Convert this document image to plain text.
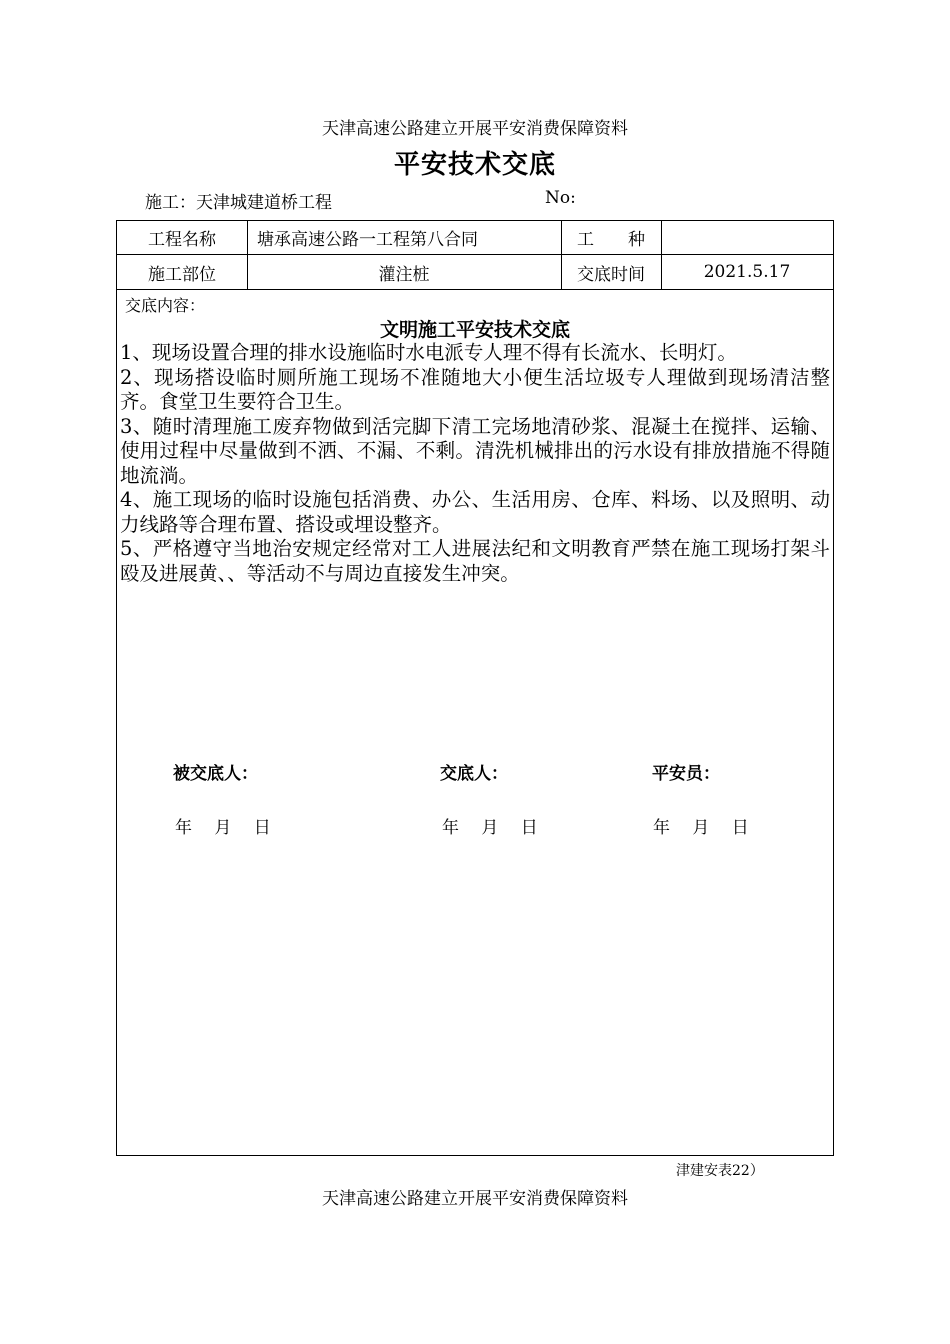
天津高速公路建立开展平安消费保障资料
平安技术交底
施工：天津城建道桥工程	No:
工程名称	塘承高速公路一工程第八合同	工　　种
施工部位	灌注桩	交底时间	2021.5.17
交底内容：
文明施工平安技术交底

1、现场设置合理的排水设施临时水电派专人理不得有长流水、长明灯。

2、现场搭设临时厕所施工现场不准随地大小便生活垃圾专人理做到现场清洁整齐。食堂卫生要符合卫生。

3、随时清理施工废弃物做到活完脚下清工完场地清砂浆、混凝土在搅拌、运输、使用过程中尽量做到不洒、不漏、不剩。清洗机械排出的污水设有排放措施不得随地流淌。

4、施工现场的临时设施包括消费、办公、生活用房、仓库、料场、以及照明、动力线路等合理布置、搭设或埋设整齐。

5、严格遵守当地治安规定经常对工人进展法纪和文明教育严禁在施工现场打架斗殴及进展黄、、等活动不与周边直接发生冲突。

被交底人：	交底人：	平安员：
年　 月　 日	年　 月　 日	年　 月　 日
津建安表22）
天津高速公路建立开展平安消费保障资料
